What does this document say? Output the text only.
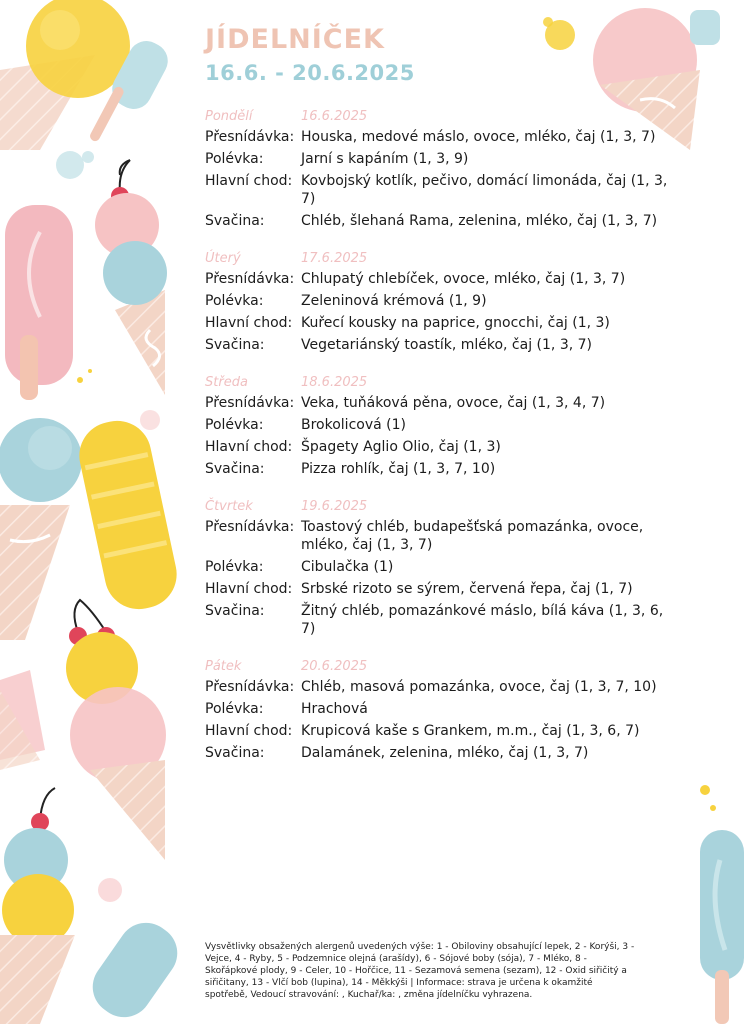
JÍDELNÍČEK
16.6. - 20.6.2025
Pondělí	16.6.2025
Přesnídávka: Houska, medové máslo, ovoce, mléko, čaj (1, 3, 7)
Polévka:	Jarní s kapáním (1, 3, 9)
Hlavní chod: Kovbojský kotlík, pečivo, domácí limonáda, čaj (1, 3, 7)
Svačina:	Chléb, šlehaná Rama, zelenina, mléko, čaj (1, 3, 7)
Úterý	17.6.2025
Přesnídávka: Chlupatý chlebíček, ovoce, mléko, čaj (1, 3, 7)
Polévka:	Zeleninová krémová (1, 9)
Hlavní chod: Kuřecí kousky na paprice, gnocchi, čaj (1, 3)
Svačina:	Vegetariánský toastík, mléko, čaj (1, 3, 7)
Středa	18.6.2025
Přesnídávka: Veka, tuňáková pěna, ovoce, čaj (1, 3, 4, 7)
Polévka:	Brokolicová (1)
Hlavní chod: Špagety Aglio Olio, čaj (1, 3)
Svačina:	Pizza rohlík, čaj (1, 3, 7, 10)
Čtvrtek	19.6.2025
Přesnídávka: Toastový chléb, budapešťská pomazánka, ovoce, mléko, čaj (1, 3, 7)
Polévka:	Cibulačka (1)
Hlavní chod: Srbské rizoto se sýrem, červená řepa, čaj (1, 7)
Svačina:	Žitný chléb, pomazánkové máslo, bílá káva (1, 3, 6, 7)
Pátek	20.6.2025
Přesnídávka: Chléb, masová pomazánka, ovoce, čaj (1, 3, 7, 10)
Polévka:	Hrachová
Hlavní chod: Krupicová kaše s Grankem, m.m., čaj (1, 3, 6, 7)
Svačina:	Dalamánek, zelenina, mléko, čaj (1, 3, 7)
Vysvětlivky obsažených alergenů uvedených výše: 1 - Obiloviny obsahující lepek, 2 - Korýši, 3 - Vejce, 4 - Ryby, 5 - Podzemnice olejná (arašídy), 6 - Sójové boby (sója), 7 - Mléko, 8 - Skořápkové plody, 9 - Celer, 10 - Hořčice, 11 - Sezamová semena (sezam), 12 - Oxid siřičitý a siřičitany, 13 - Vlčí bob (lupina), 14 - Měkkýši | Informace: strava je určena k okamžité spotřebě, Vedoucí stravování: , Kuchař/ka: , změna jídelníčku vyhrazena.
